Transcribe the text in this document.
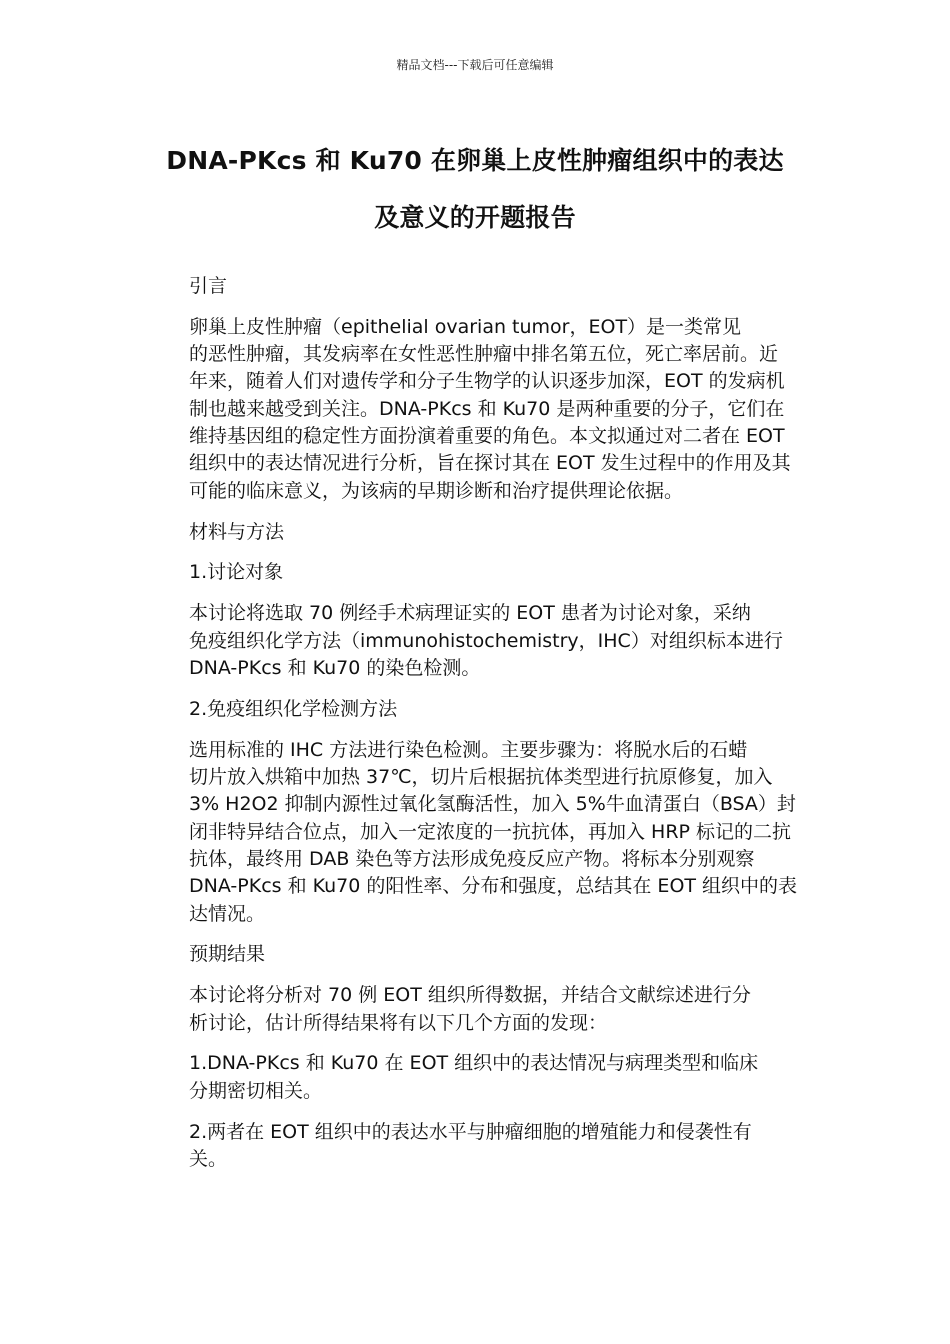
精品文档---下载后可任意编辑
DNA-PKcs 和 Ku70 在卵巢上皮性肿瘤组织中的表达
及意义的开题报告
引言
卵巢上皮性肿瘤（epithelial ovarian tumor，EOT）是一类常见
的恶性肿瘤，其发病率在女性恶性肿瘤中排名第五位，死亡率居前。近
年来，随着人们对遗传学和分子生物学的认识逐步加深，EOT 的发病机
制也越来越受到关注。DNA-PKcs 和 Ku70 是两种重要的分子，它们在
维持基因组的稳定性方面扮演着重要的角色。本文拟通过对二者在 EOT
组织中的表达情况进行分析，旨在探讨其在 EOT 发生过程中的作用及其
可能的临床意义，为该病的早期诊断和治疗提供理论依据。
材料与方法
1.讨论对象
本讨论将选取 70 例经手术病理证实的 EOT 患者为讨论对象，采纳
免疫组织化学方法（immunohistochemistry，IHC）对组织标本进行
DNA-PKcs 和 Ku70 的染色检测。
2.免疫组织化学检测方法
选用标准的 IHC 方法进行染色检测。主要步骤为：将脱水后的石蜡
切片放入烘箱中加热 37℃，切片后根据抗体类型进行抗原修复，加入
3% H2O2 抑制内源性过氧化氢酶活性，加入 5%牛血清蛋白（BSA）封
闭非特异结合位点，加入一定浓度的一抗抗体，再加入 HRP 标记的二抗
抗体，最终用 DAB 染色等方法形成免疫反应产物。将标本分别观察
DNA-PKcs 和 Ku70 的阳性率、分布和强度，总结其在 EOT 组织中的表
达情况。
预期结果
本讨论将分析对 70 例 EOT 组织所得数据，并结合文献综述进行分
析讨论，估计所得结果将有以下几个方面的发现：
1.DNA-PKcs 和 Ku70 在 EOT 组织中的表达情况与病理类型和临床
分期密切相关。
2.两者在 EOT 组织中的表达水平与肿瘤细胞的增殖能力和侵袭性有
关。
